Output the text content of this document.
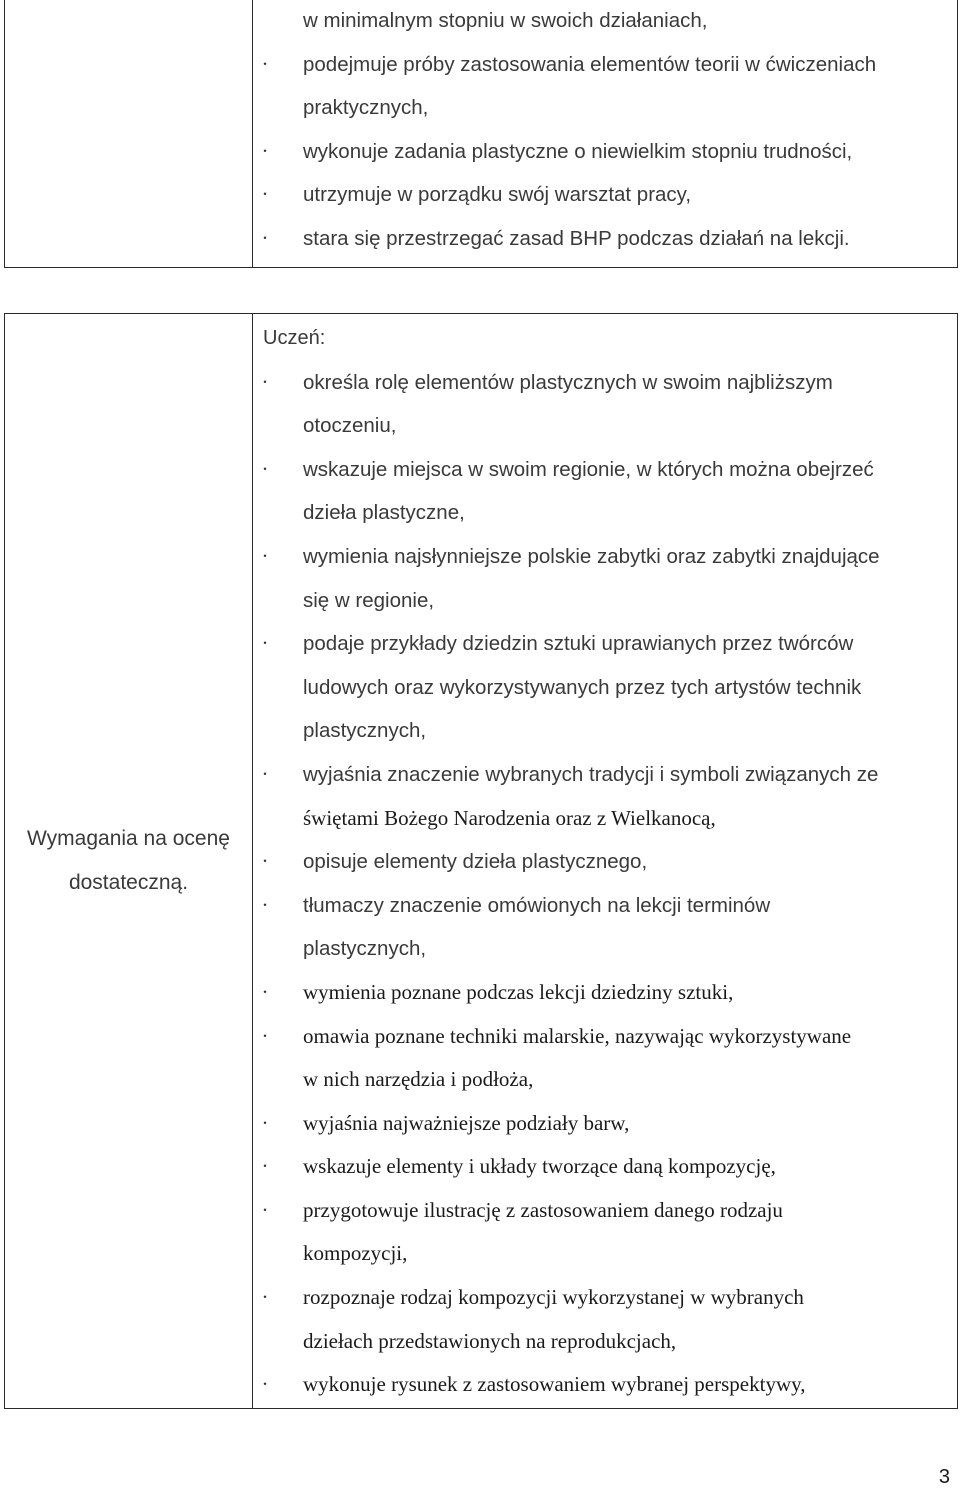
w minimalnym stopniu w swoich działaniach,
· podejmuje próby zastosowania elementów teorii w ćwiczeniach
praktycznych,
· wykonuje zadania plastyczne o niewielkim stopniu trudności,
· utrzymuje w porządku swój warsztat pracy,
· stara się przestrzegać zasad BHP podczas działań na lekcji.
Wymagania na ocenę
dostateczną.
Uczeń:
· określa rolę elementów plastycznych w swoim najbliższym
otoczeniu,
· wskazuje miejsca w swoim regionie, w których można obejrzeć
dzieła plastyczne,
· wymienia najsłynniejsze polskie zabytki oraz zabytki znajdujące
się w regionie,
· podaje przykłady dziedzin sztuki uprawianych przez twórców
ludowych oraz wykorzystywanych przez tych artystów technik
plastycznych,
· wyjaśnia znaczenie wybranych tradycji i symboli związanych ze
świętami Bożego Narodzenia oraz z Wielkanocą,
· opisuje elementy dzieła plastycznego,
· tłumaczy znaczenie omówionych na lekcji terminów
plastycznych,
· wymienia poznane podczas lekcji dziedziny sztuki,
· omawia poznane techniki malarskie, nazywając wykorzystywane
w nich narzędzia i podłoża,
· wyjaśnia najważniejsze podziały barw,
· wskazuje elementy i układy tworzące daną kompozycję,
· przygotowuje ilustrację z zastosowaniem danego rodzaju
kompozycji,
· rozpoznaje rodzaj kompozycji wykorzystanej w wybranych
dziełach przedstawionych na reprodukcjach,
· wykonuje rysunek z zastosowaniem wybranej perspektywy,
3
